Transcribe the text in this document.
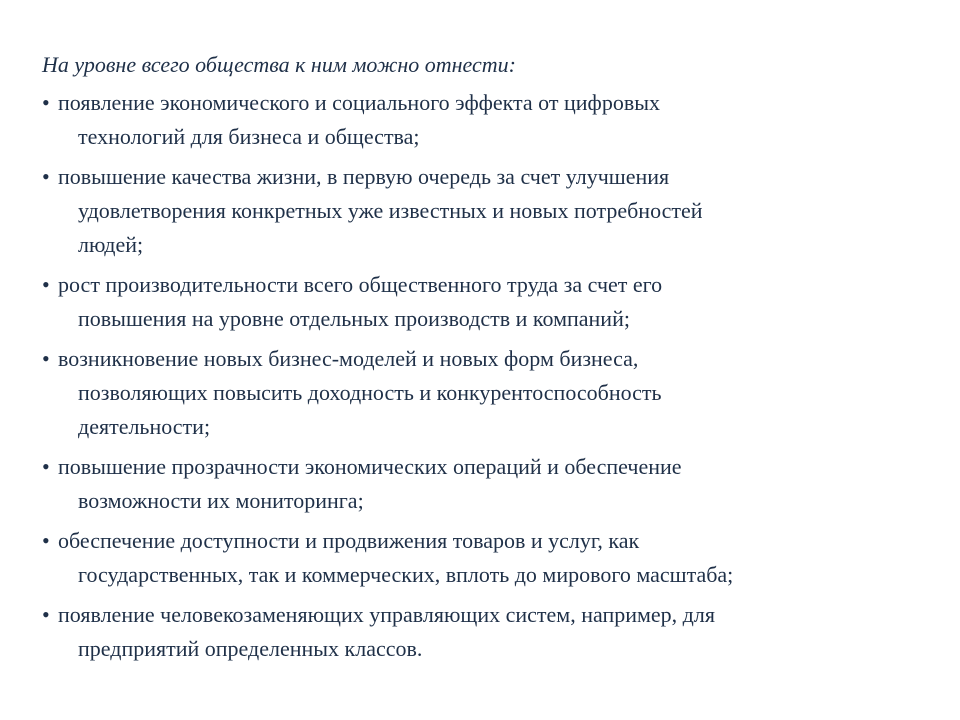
На уровне всего общества к ним можно отнести:
• появление экономического и социального эффекта от цифровых
технологий для бизнеса и общества;
• повышение качества жизни, в первую очередь за счет улучшения
удовлетворения конкретных уже известных и новых потребностей
людей;
• рост производительности всего общественного труда за счет его
повышения на уровне отдельных производств и компаний;
• возникновение новых бизнес-моделей и новых форм бизнеса,
позволяющих повысить доходность и конкурентоспособность
деятельности;
• повышение прозрачности экономических операций и обеспечение
возможности их мониторинга;
• обеспечение доступности и продвижения товаров и услуг, как
государственных, так и коммерческих, вплоть до мирового масштаба;
• появление человекозаменяющих управляющих систем, например, для
предприятий определенных классов.
